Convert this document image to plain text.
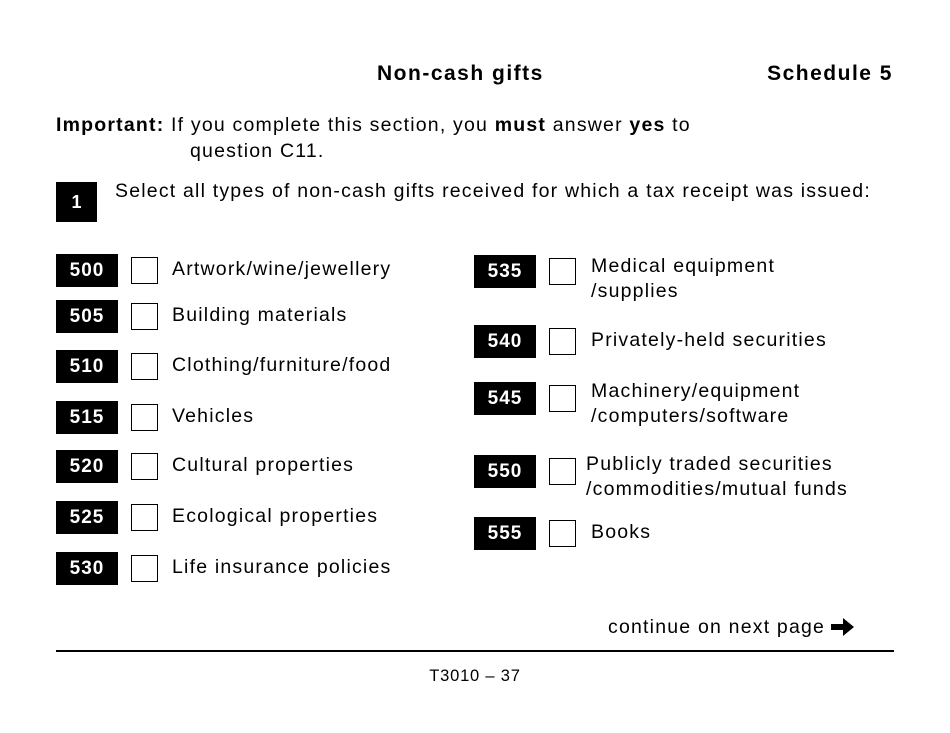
Non-cash gifts	Schedule 5
Important: If you complete this section, you must answer yes to
question C11.
1	Select all types of non-cash gifts received for which a tax receipt was issued:
500	Artwork/wine/jewellery
505	Building materials
510	Clothing/furniture/food
515	Vehicles
520	Cultural properties
525	Ecological properties
530	Life insurance policies
535	Medical equipment
/supplies
540	Privately-held securities
545	Machinery/equipment
/computers/software
550	Publicly traded securities
/commodities/mutual funds
555	Books
continue on next page
T3010 – 37
